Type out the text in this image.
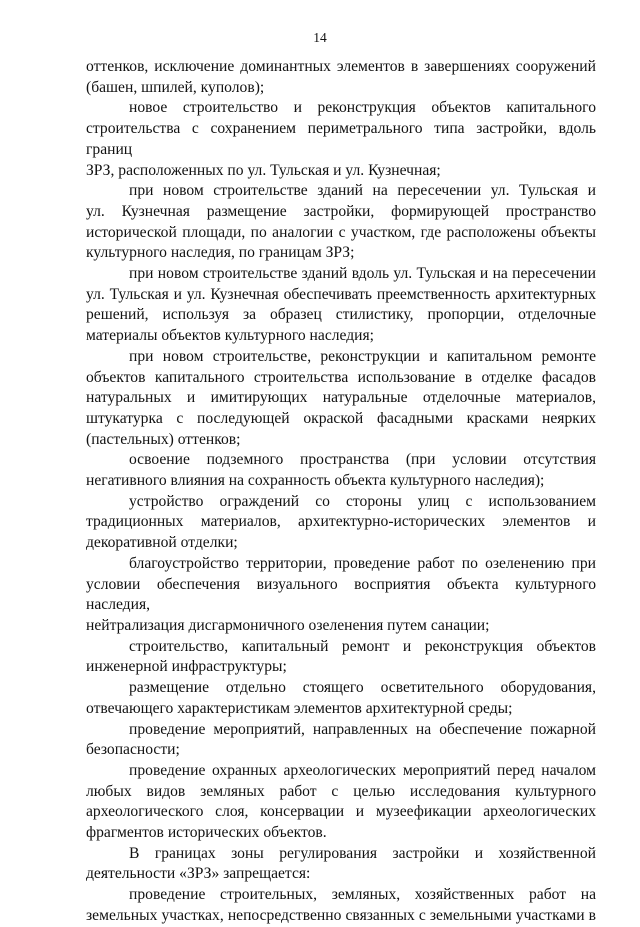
14

оттенков, исключение доминантных элементов в завершениях сооружений
(башен, шпилей, куполов);

новое строительство и реконструкция объектов капитального
строительства с сохранением периметрального типа застройки, вдоль границ
ЗРЗ, расположенных по ул. Тульская и ул. Кузнечная;

при новом строительстве зданий на пересечении ул. Тульская и
ул. Кузнечная размещение застройки, формирующей пространство
исторической площади, по аналогии с участком, где расположены объекты
культурного наследия, по границам ЗРЗ;

при новом строительстве зданий вдоль ул. Тульская и на пересечении
ул. Тульская и ул. Кузнечная обеспечивать преемственность архитектурных
решений, используя за образец стилистику, пропорции, отделочные
материалы объектов культурного наследия;

при новом строительстве, реконструкции и капитальном ремонте
объектов капитального строительства использование в отделке фасадов
натуральных и имитирующих натуральные отделочные материалов,
штукатурка с последующей окраской фасадными красками неярких
(пастельных) оттенков;

освоение подземного пространства (при условии отсутствия
негативного влияния на сохранность объекта культурного наследия);

устройство ограждений со стороны улиц с использованием
традиционных материалов, архитектурно-исторических элементов и
декоративной отделки;

благоустройство территории, проведение работ по озеленению при
условии обеспечения визуального восприятия объекта культурного наследия,
нейтрализация дисгармоничного озеленения путем санации;

строительство, капитальный ремонт и реконструкция объектов
инженерной инфраструктуры;

размещение отдельно стоящего осветительного оборудования,
отвечающего характеристикам элементов архитектурной среды;

проведение мероприятий, направленных на обеспечение пожарной
безопасности;

проведение охранных археологических мероприятий перед началом
любых видов земляных работ с целью исследования культурного
археологического слоя, консервации и музеефикации археологических
фрагментов исторических объектов.

В границах зоны регулирования застройки и хозяйственной
деятельности «ЗРЗ» запрещается:

проведение строительных, земляных, хозяйственных работ на
земельных участках, непосредственно связанных с земельными участками в
